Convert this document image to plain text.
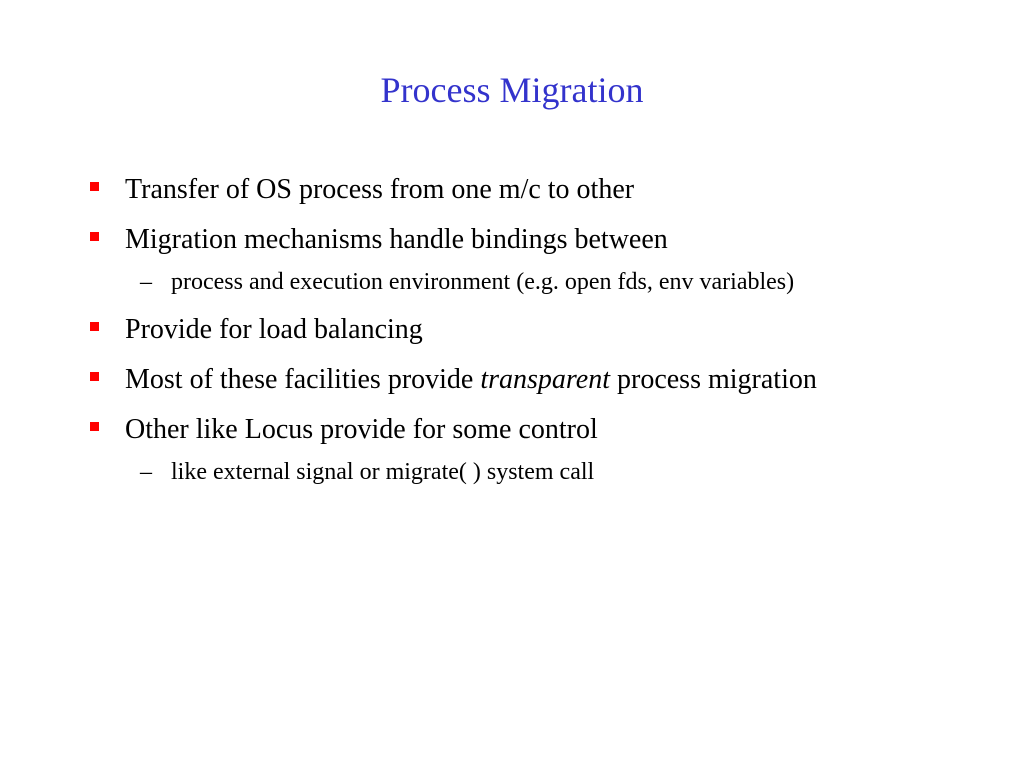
Process Migration
Transfer of OS process from one m/c to other
Migration mechanisms handle bindings between
– process and execution environment (e.g. open fds, env variables)
Provide for load balancing
Most of these facilities provide transparent process migration
Other like Locus provide for some control
– like external signal or migrate( ) system call
